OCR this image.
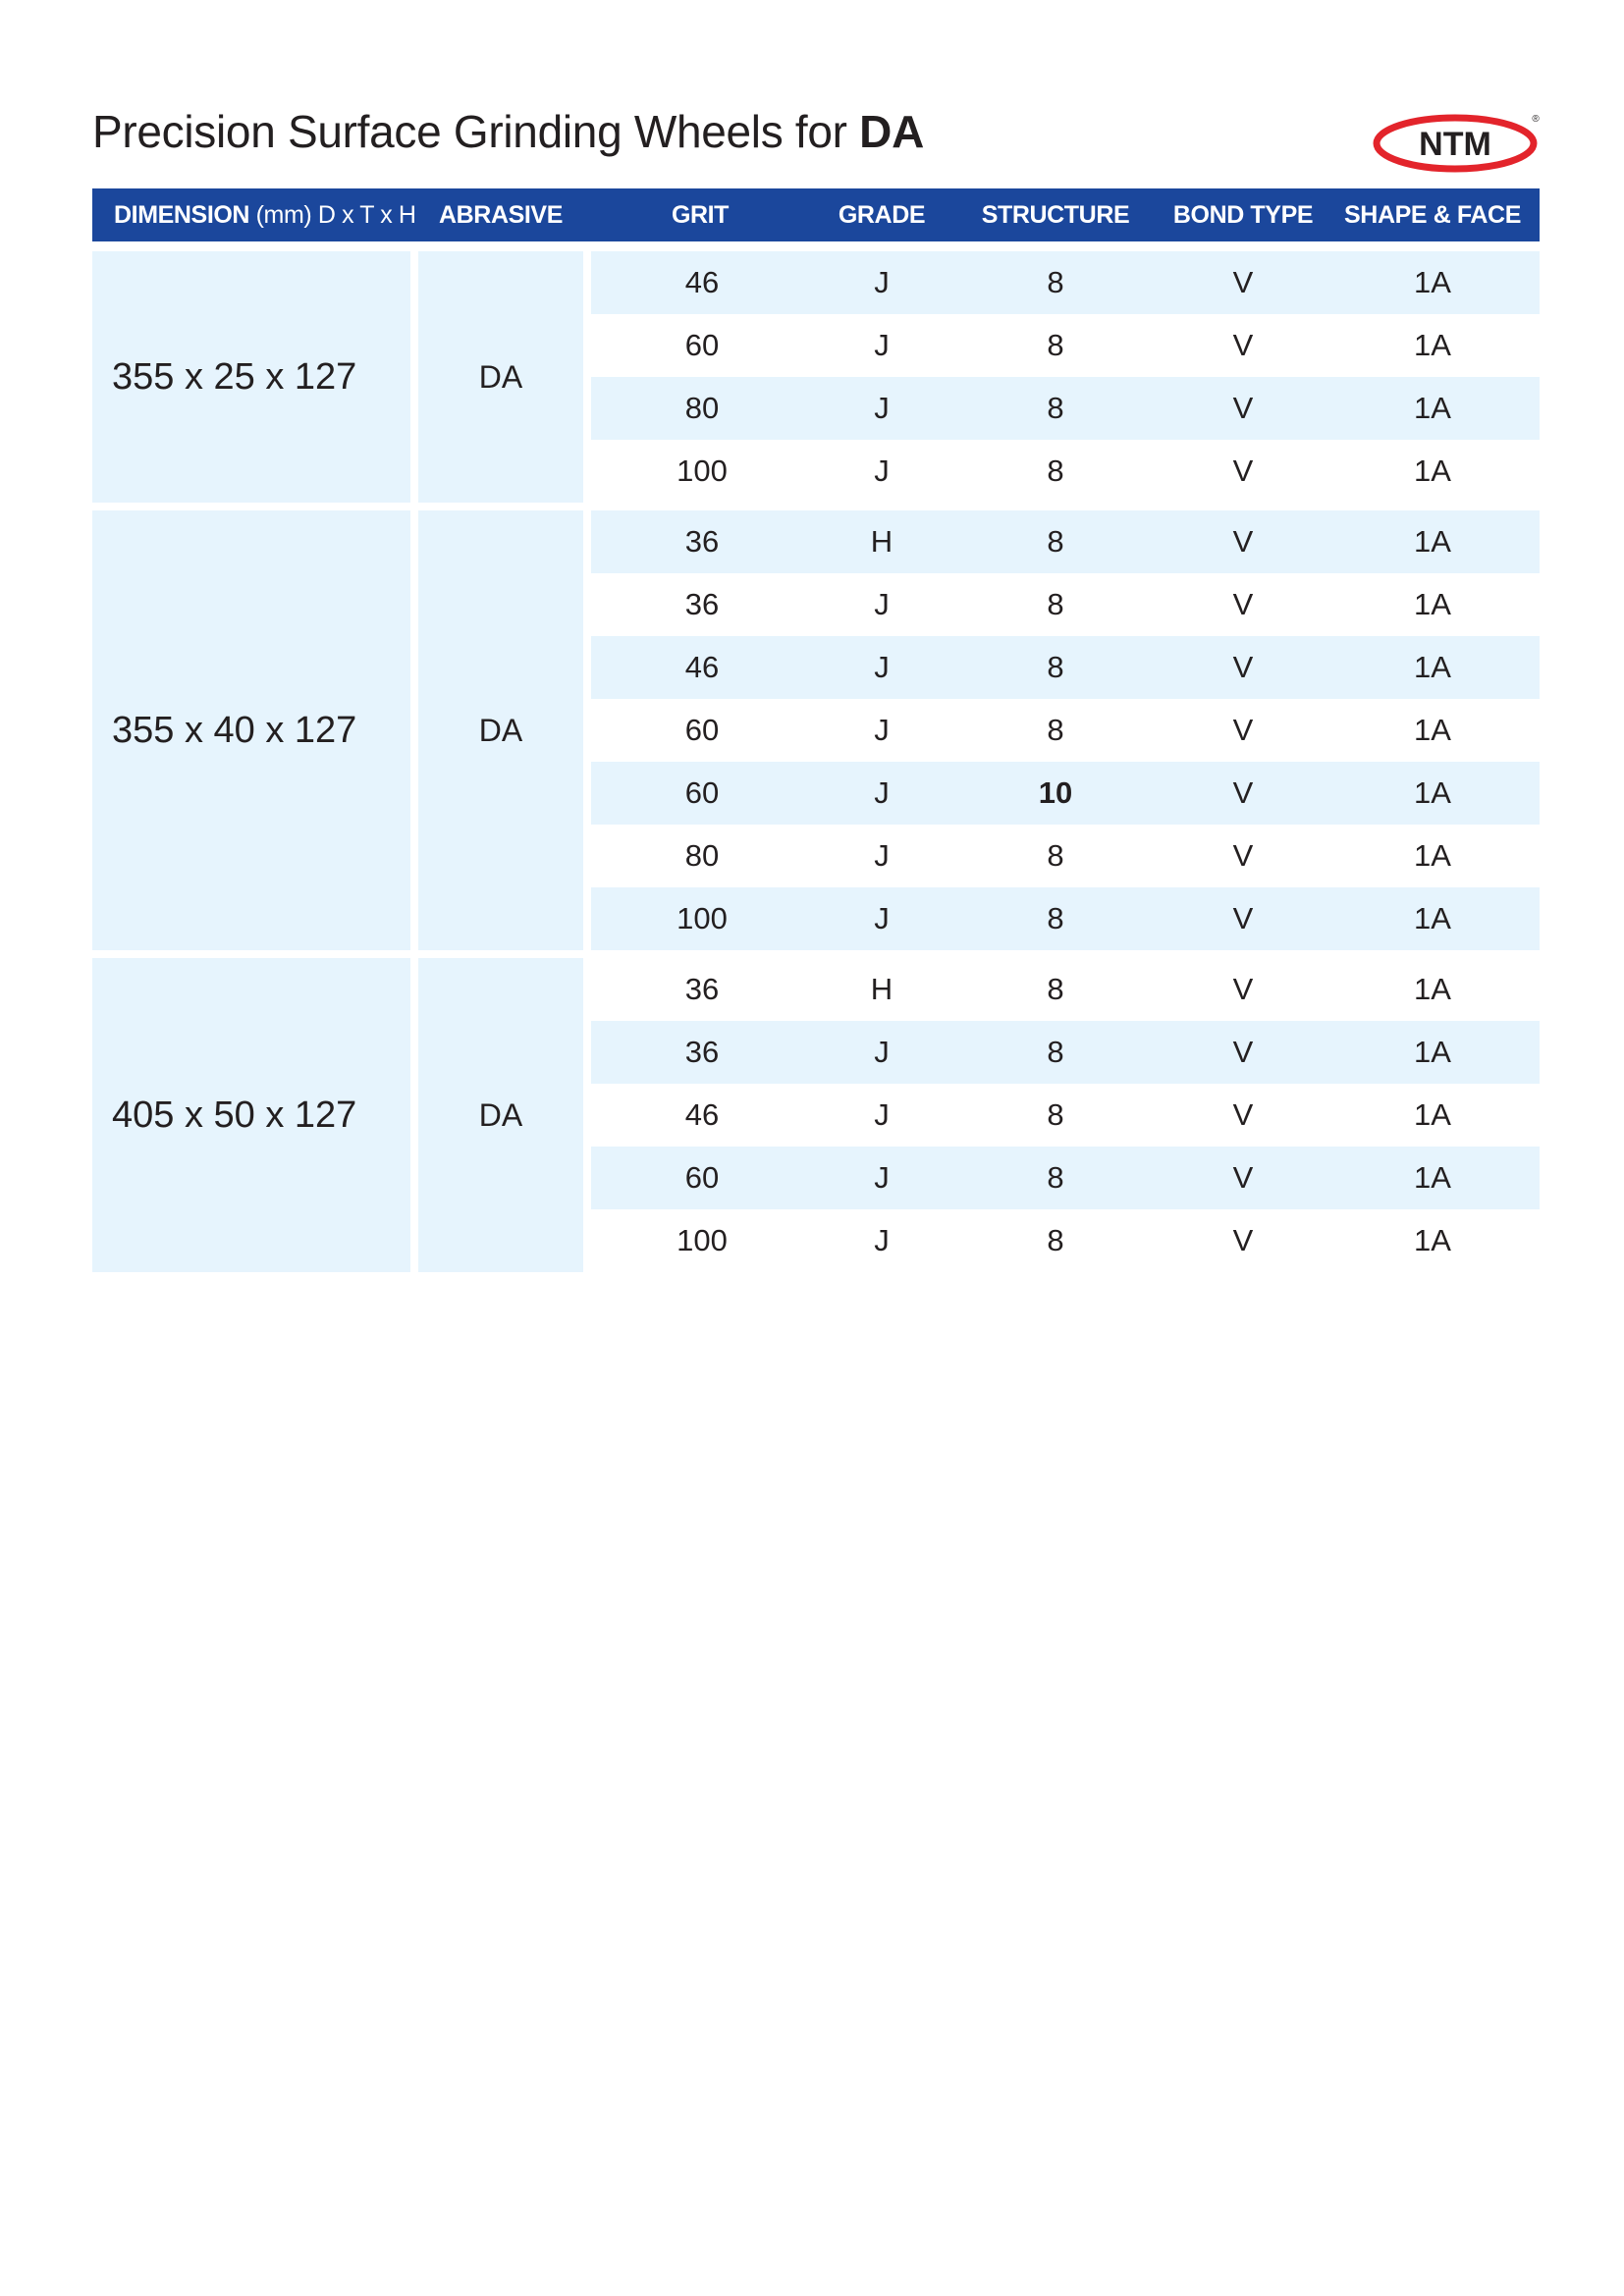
Precision Surface Grinding Wheels for DA	NTM
®
DIMENSION (mm) D x T x H	ABRASIVE	GRIT	GRADE	STRUCTURE	BOND TYPE	SHAPE & FACE
355 x 25 x 127	DA	46	J	8	V	1A
		60	J	8	V	1A
		80	J	8	V	1A
		100	J	8	V	1A
355 x 40 x 127	DA	36	H	8	V	1A
		36	J	8	V	1A
		46	J	8	V	1A
		60	J	8	V	1A
		60	J	10	V	1A
		80	J	8	V	1A
		100	J	8	V	1A
405 x 50 x 127	DA	36	H	8	V	1A
		36	J	8	V	1A
		46	J	8	V	1A
		60	J	8	V	1A
		100	J	8	V	1A
